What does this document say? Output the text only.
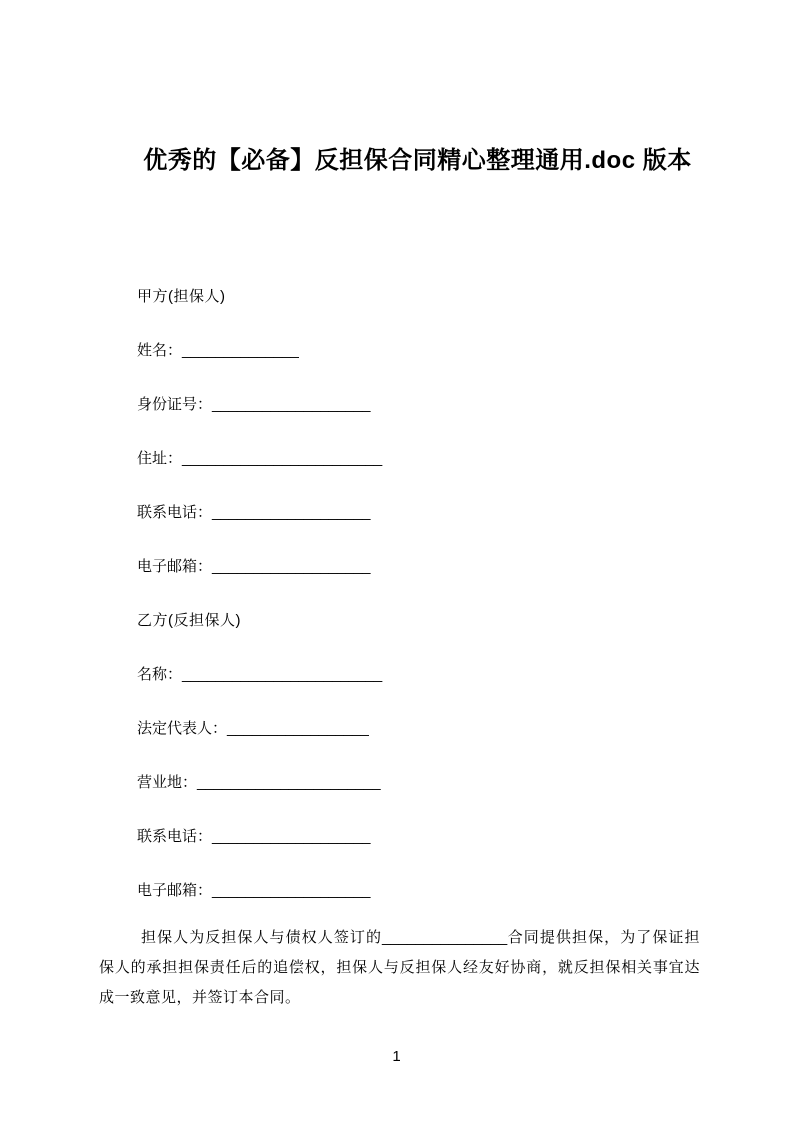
优秀的【必备】反担保合同精心整理通用.doc 版本
甲方(担保人)
姓名：______________
身份证号：___________________
住址：________________________
联系电话：___________________
电子邮箱：___________________
乙方(反担保人)
名称：________________________
法定代表人：_________________
营业地：______________________
联系电话：___________________
电子邮箱：___________________

担保人为反担保人与债权人签订的_______________合同提供担保，为了保证担保人的承担担保责任后的追偿权，担保人与反担保人经友好协商，就反担保相关事宜达成一致意见，并签订本合同。

1
